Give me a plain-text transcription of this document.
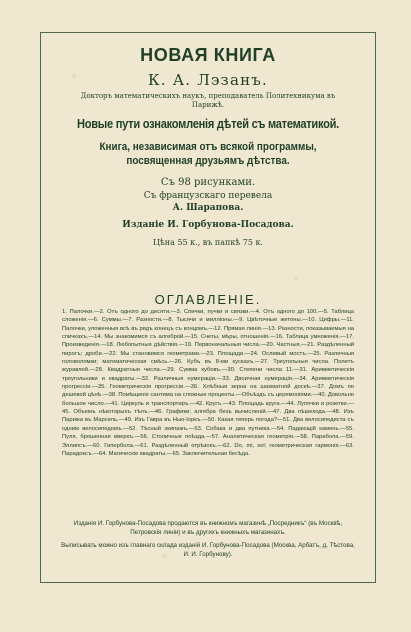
НОВАЯ КНИГА
К. А. Лэзанъ.
Докторъ математическихъ наукъ, преподаватель Политехникума въ Парижѣ.
Новые пути ознакомленія дѣтей съ математикой.
Книга, независимая отъ всякой программы, посвященная друзьямъ дѣтства.
Съ 98 рисунками.
Съ французскаго перевела
А. Шарапова.
Изданіе И. Горбунова-Посадова.
Цѣна 55 к., въ папкѣ 75 к.
ОГЛАВЛЕНІЕ.
1. Палочки.—2. Отъ одного до десяти.—3. Спички, пучки и связки.—4. Отъ одного до 100.—5. Таблица сложенія.—6. Суммы.—7. Разности.—8. Тысячи и милліоны.—9. Цвѣточные жетоны.—10. Цифры.—11. Палочки, уложенныя всѣ въ рядъ конецъ съ концомъ.—12. Прямая линія.—13. Разности, показываемыя на спичкахъ.—14. Мы знакомимся съ алгеброй.—15. Счеты, мѣры, отношенія.—16. Таблица умноженія.—17. Произведенія.—18. Любопытныя дѣйствія.—19. Первоначальныя числа.—20. Частныя.—21. Раздѣленный пирогъ; дроби.—22. Мы становимся геометрами.—23. Площади.—24. Осливый мостъ.—25. Различныя головоломки; математическая смѣсь.—26. Кубъ въ 8-ми кускахъ.—27. Треугольныя числа. Полетъ журавлей.—28. Квадратныя числа.—29. Сумма кубовъ.—30. Степени числа 11.—31. Ариѳметическія треугольники и квадраты.—32. Различныя нумераціи.—33. Двоичная нумерація.—34. Ариѳметическія прогрессіи.—35. Геометрическія прогрессіи.—36. Хлѣбныя зерна на шахматной доскѣ.—37. Домъ по дешевой цѣнѣ.—38. Помѣщеніе сантима на сложные проценты.—Объѣздъ съ церемоніями.—40. Довольно большое число.—41. Циркуль и транспортиръ.—42. Кругъ.—43. Площадь круга.—44. Лупочки и розетки.—45. Объемъ нѣкоторыхъ тѣлъ.—46. Графики; алгебра безъ вычисленій.—47. Два пѣшехода.—48. Изъ Парижа въ Марсель.—49. Изъ Гавра въ Нью-Іоркъ.—50. Какая теперь погода?—51. Два велосипедиста съ одним велосипедомъ.—52. Тѣсный экипажъ.—53. Собака и два путника.—54. Падающій камень.—55. Пуля, брошенная вверхъ.—56. Столичные поѣзда.—57. Аналитическая геометрія.—58. Парабола.—59. Эллипсъ.—60. Гипербола.—61. Раздѣленный отрѣзокъ.—62. Do, mi, sol; геометрическая гармонія.—63. Парадоксъ.—64. Магическіе квадраты.—65. Заключительная бесѣда.

Изданія И. Горбунова-Посадова продаются въ книжномъ магазинѣ „Посредникъ“ (въ Москвѣ, Петровскія линіи) и въ другихъ книжныхъ магазинахъ.

Выписывать можно изъ главнаго склада изданій И. Горбунова-Посадова (Москва, Арбатъ, д. Тѣстова, И. И. Горбунову).
